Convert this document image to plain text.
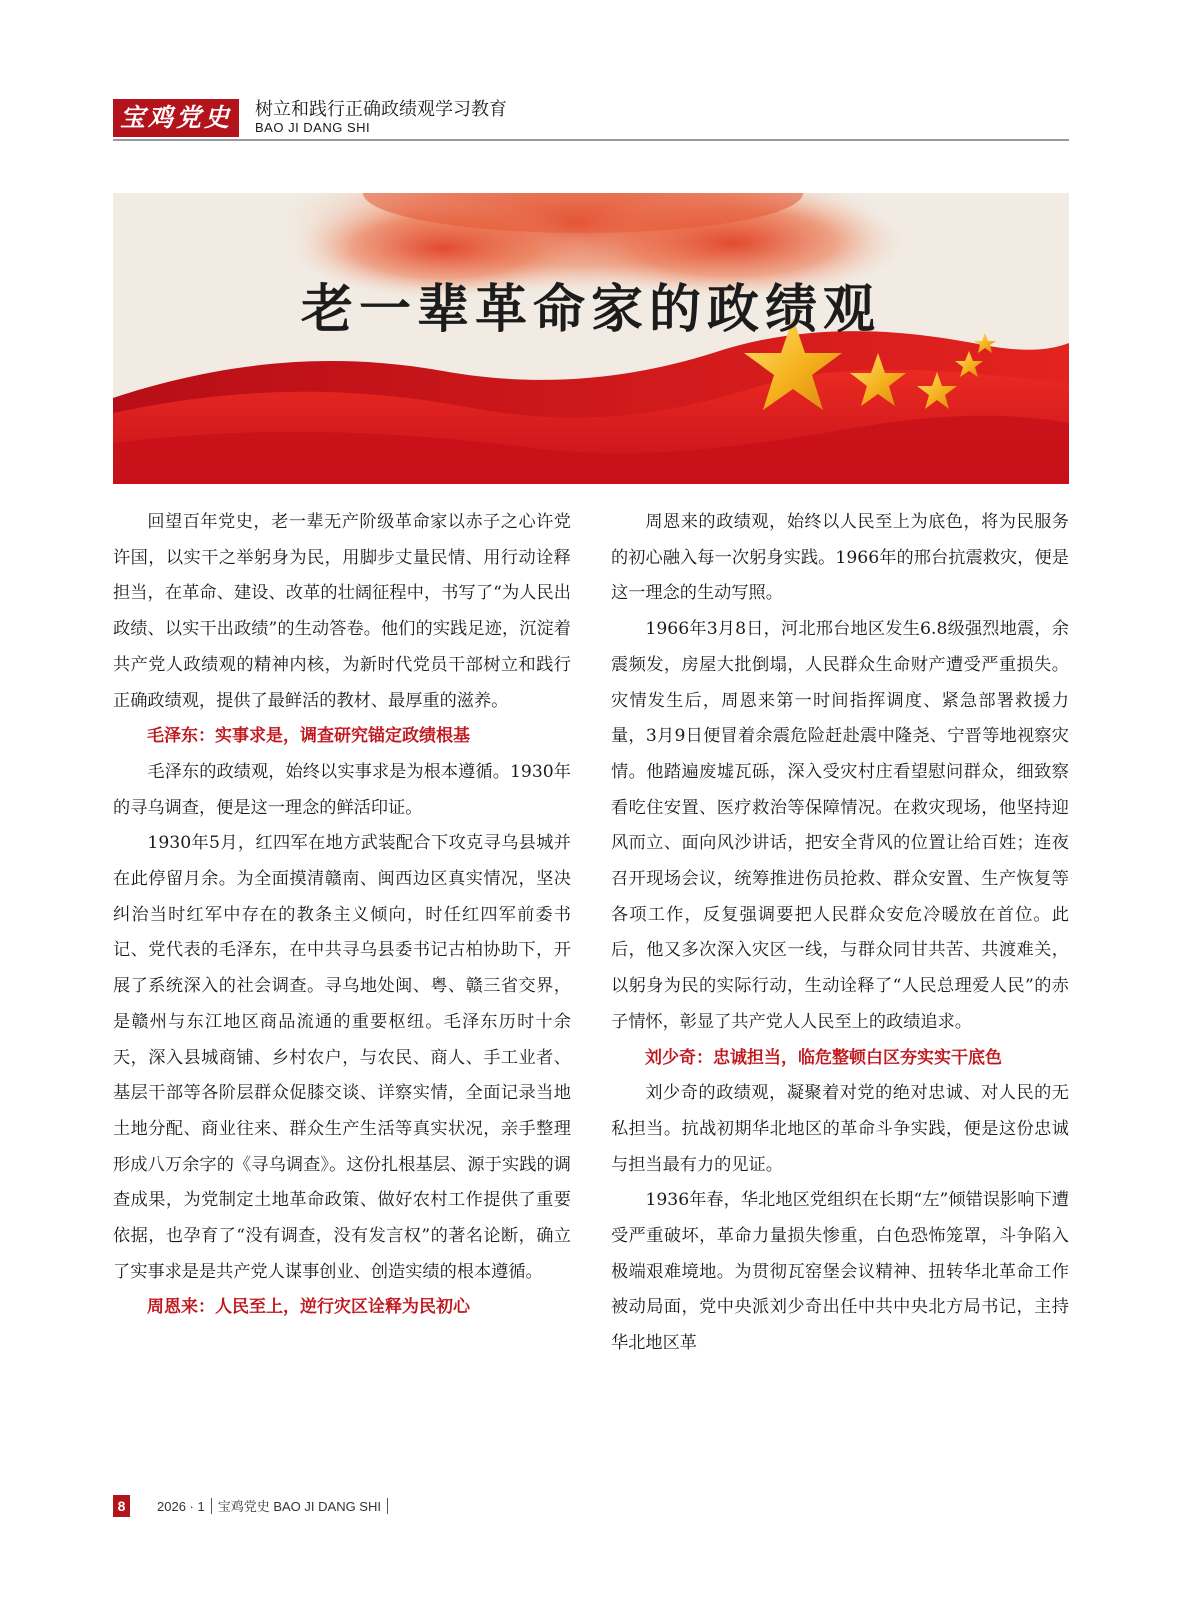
宝鸡党史	树立和践行正确政绩观学习教育
BAO JI DANG SHI
老一辈革命家的政绩观

回望百年党史，老一辈无产阶级革命家以赤子之心许党许国，以实干之举躬身为民，用脚步丈量民情、用行动诠释担当，在革命、建设、改革的壮阔征程中，书写了“为人民出政绩、以实干出政绩”的生动答卷。他们的实践足迹，沉淀着共产党人政绩观的精神内核，为新时代党员干部树立和践行正确政绩观，提供了最鲜活的教材、最厚重的滋养。

毛泽东：实事求是，调查研究锚定政绩根基

毛泽东的政绩观，始终以实事求是为根本遵循。1930年的寻乌调查，便是这一理念的鲜活印证。

1930年5月，红四军在地方武装配合下攻克寻乌县城并在此停留月余。为全面摸清赣南、闽西边区真实情况，坚决纠治当时红军中存在的教条主义倾向，时任红四军前委书记、党代表的毛泽东，在中共寻乌县委书记古柏协助下，开展了系统深入的社会调查。寻乌地处闽、粤、赣三省交界，是赣州与东江地区商品流通的重要枢纽。毛泽东历时十余天，深入县城商铺、乡村农户，与农民、商人、手工业者、基层干部等各阶层群众促膝交谈、详察实情，全面记录当地土地分配、商业往来、群众生产生活等真实状况，亲手整理形成八万余字的《寻乌调查》。这份扎根基层、源于实践的调查成果，为党制定土地革命政策、做好农村工作提供了重要依据，也孕育了“没有调查，没有发言权”的著名论断，确立了实事求是是共产党人谋事创业、创造实绩的根本遵循。

周恩来：人民至上，逆行灾区诠释为民初心

周恩来的政绩观，始终以人民至上为底色，将为民服务的初心融入每一次躬身实践。1966年的邢台抗震救灾，便是这一理念的生动写照。

1966年3月8日，河北邢台地区发生6.8级强烈地震，余震频发，房屋大批倒塌，人民群众生命财产遭受严重损失。灾情发生后，周恩来第一时间指挥调度、紧急部署救援力量，3月9日便冒着余震危险赶赴震中隆尧、宁晋等地视察灾情。他踏遍废墟瓦砾，深入受灾村庄看望慰问群众，细致察看吃住安置、医疗救治等保障情况。在救灾现场，他坚持迎风而立、面向风沙讲话，把安全背风的位置让给百姓；连夜召开现场会议，统筹推进伤员抢救、群众安置、生产恢复等各项工作，反复强调要把人民群众安危冷暖放在首位。此后，他又多次深入灾区一线，与群众同甘共苦、共渡难关，以躬身为民的实际行动，生动诠释了“人民总理爱人民”的赤子情怀，彰显了共产党人人民至上的政绩追求。

刘少奇：忠诚担当，临危整顿白区夯实实干底色

刘少奇的政绩观，凝聚着对党的绝对忠诚、对人民的无私担当。抗战初期华北地区的革命斗争实践，便是这份忠诚与担当最有力的见证。

1936年春，华北地区党组织在长期“左”倾错误影响下遭受严重破坏，革命力量损失惨重，白色恐怖笼罩，斗争陷入极端艰难境地。为贯彻瓦窑堡会议精神、扭转华北革命工作被动局面，党中央派刘少奇出任中共中央北方局书记，主持华北地区革

8	2026 · 1 宝鸡党史 BAO JI DANG SHI
